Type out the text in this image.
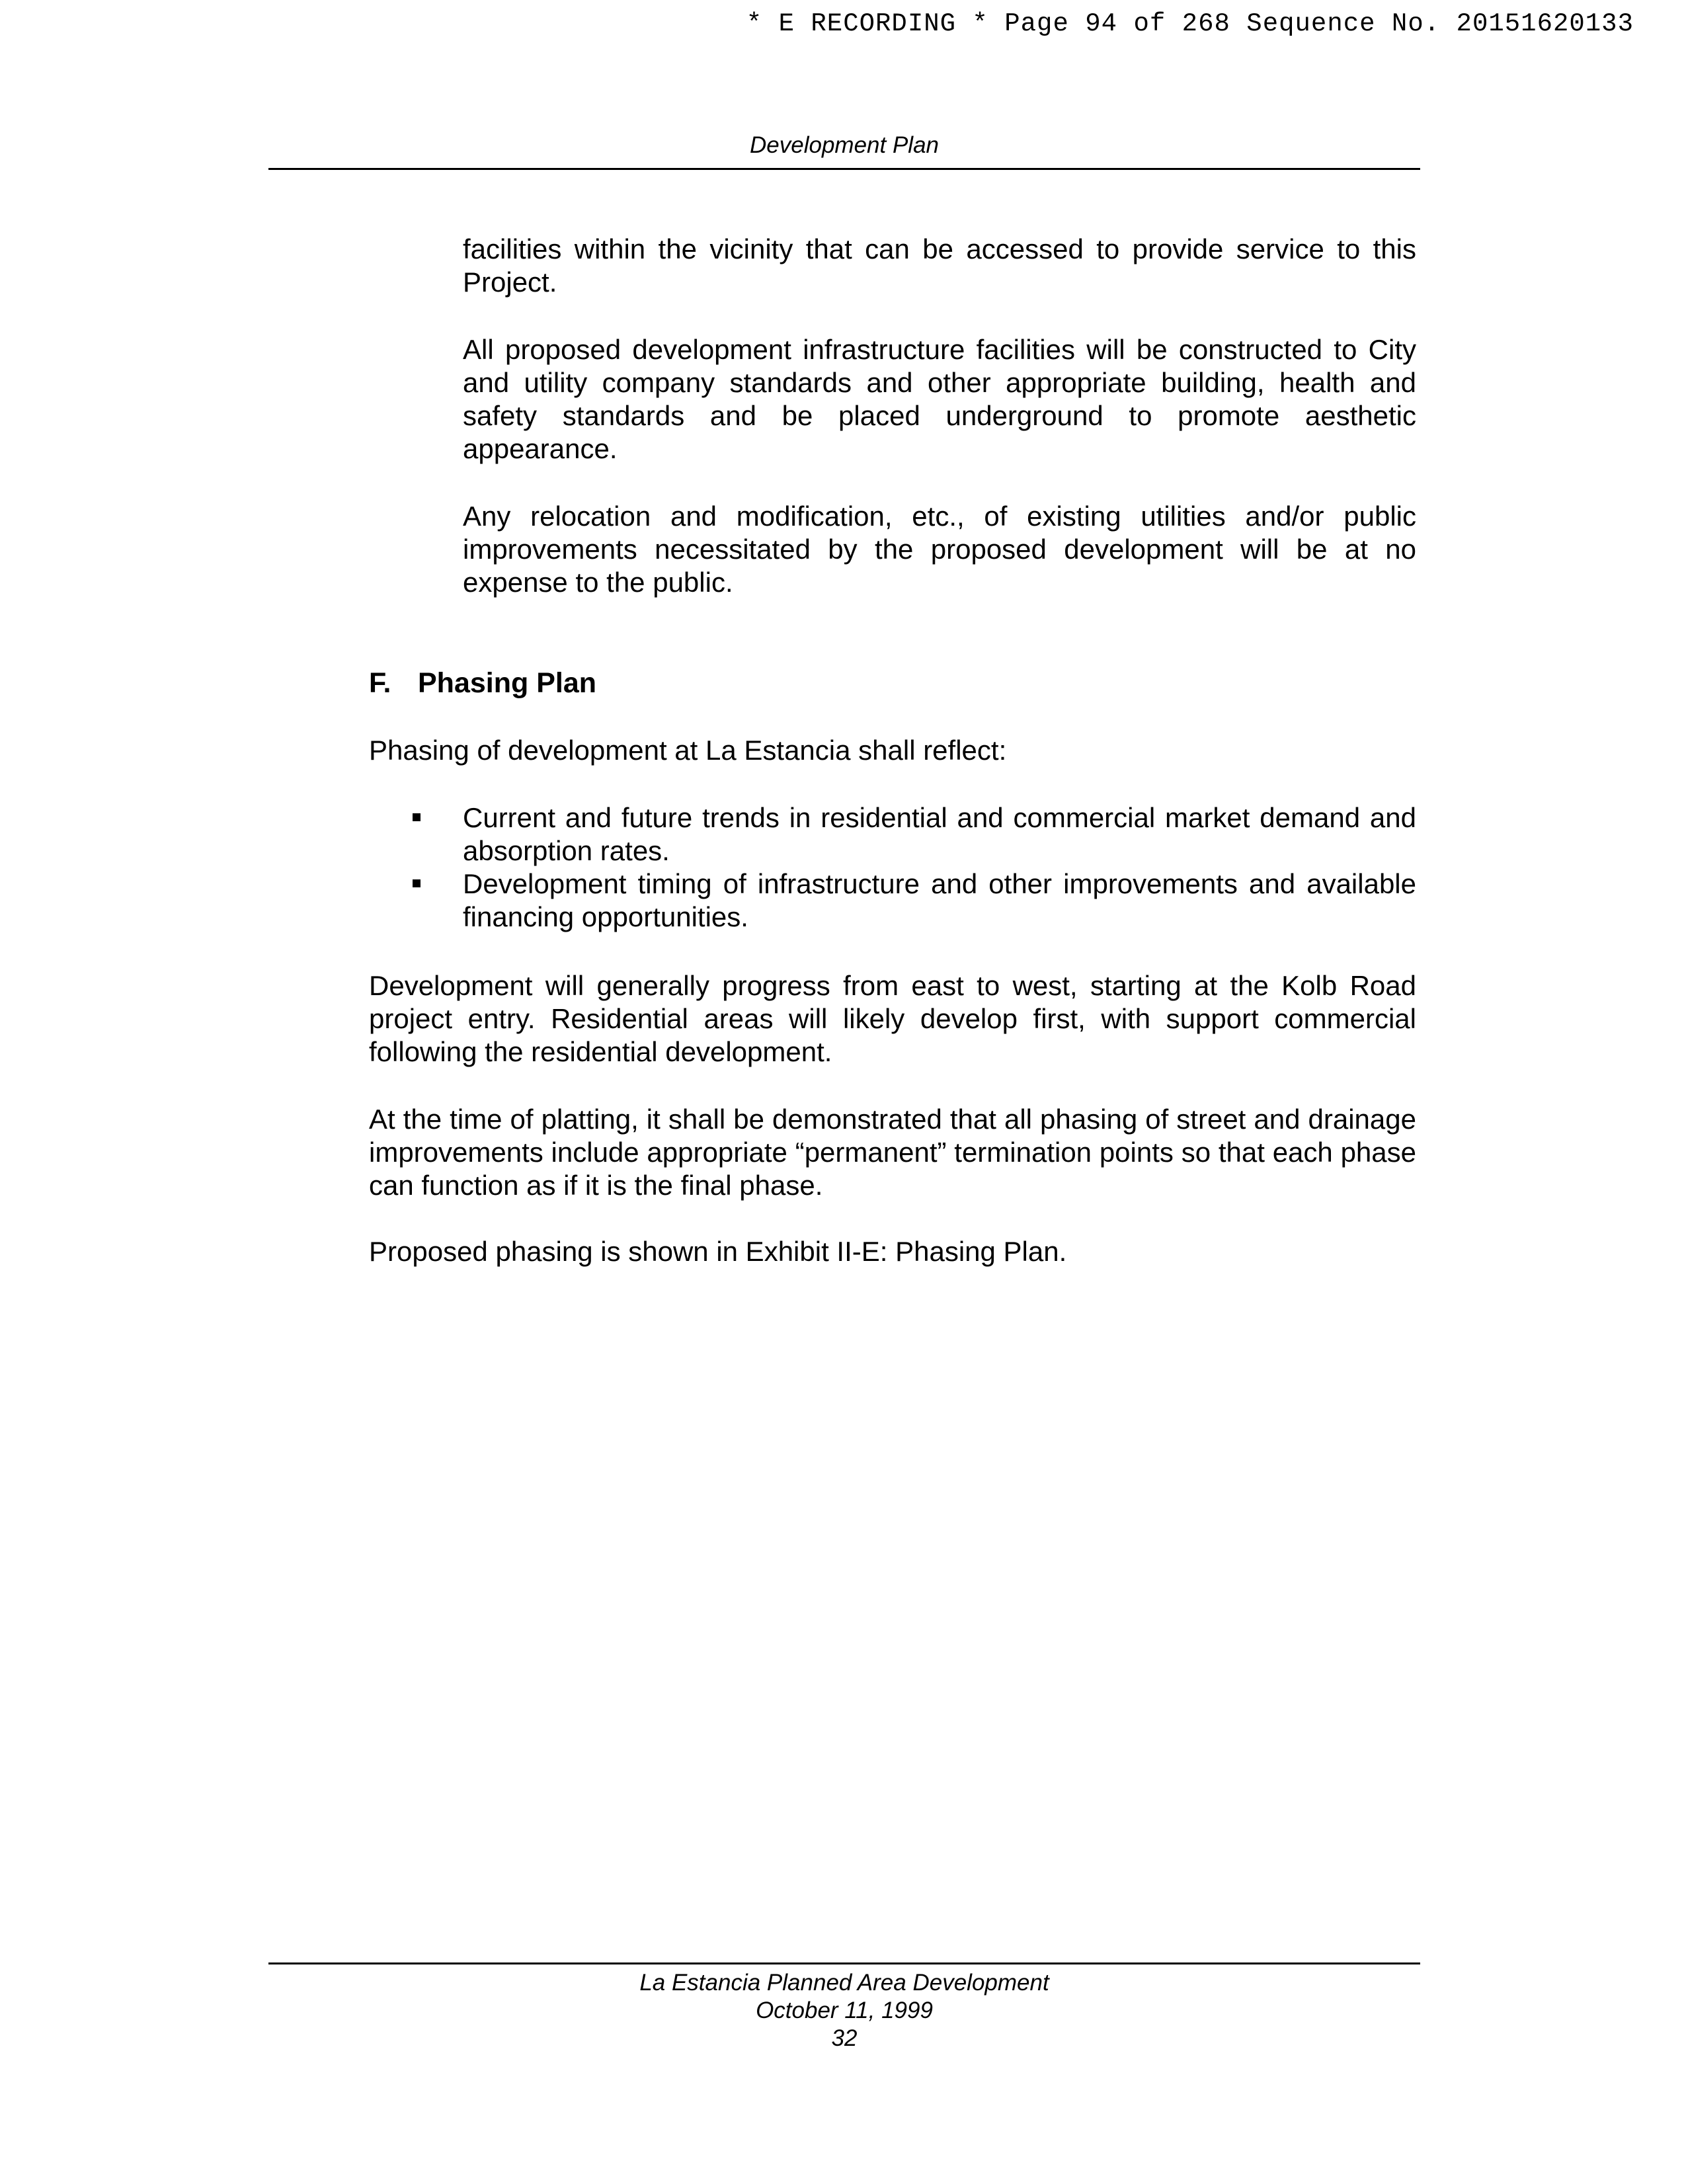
* E RECORDING * Page 94 of 268 Sequence No. 20151620133
Development Plan

facilities within the vicinity that can be accessed to provide service to this Project.

All proposed development infrastructure facilities will be constructed to City and utility company standards and other appropriate building, health and safety standards and be placed underground to promote aesthetic appearance.

Any relocation and modification, etc., of existing utilities and/or public improvements necessitated by the proposed development will be at no expense to the public.

F. Phasing Plan

Phasing of development at La Estancia shall reflect:

Current and future trends in residential and commercial market demand and absorption rates.
Development timing of infrastructure and other improvements and available financing opportunities.

Development will generally progress from east to west, starting at the Kolb Road project entry. Residential areas will likely develop first, with support commercial following the residential development.

At the time of platting, it shall be demonstrated that all phasing of street and drainage improvements include appropriate “permanent” termination points so that each phase can function as if it is the final phase.

Proposed phasing is shown in Exhibit II-E: Phasing Plan.

La Estancia Planned Area Development
October 11, 1999
32
